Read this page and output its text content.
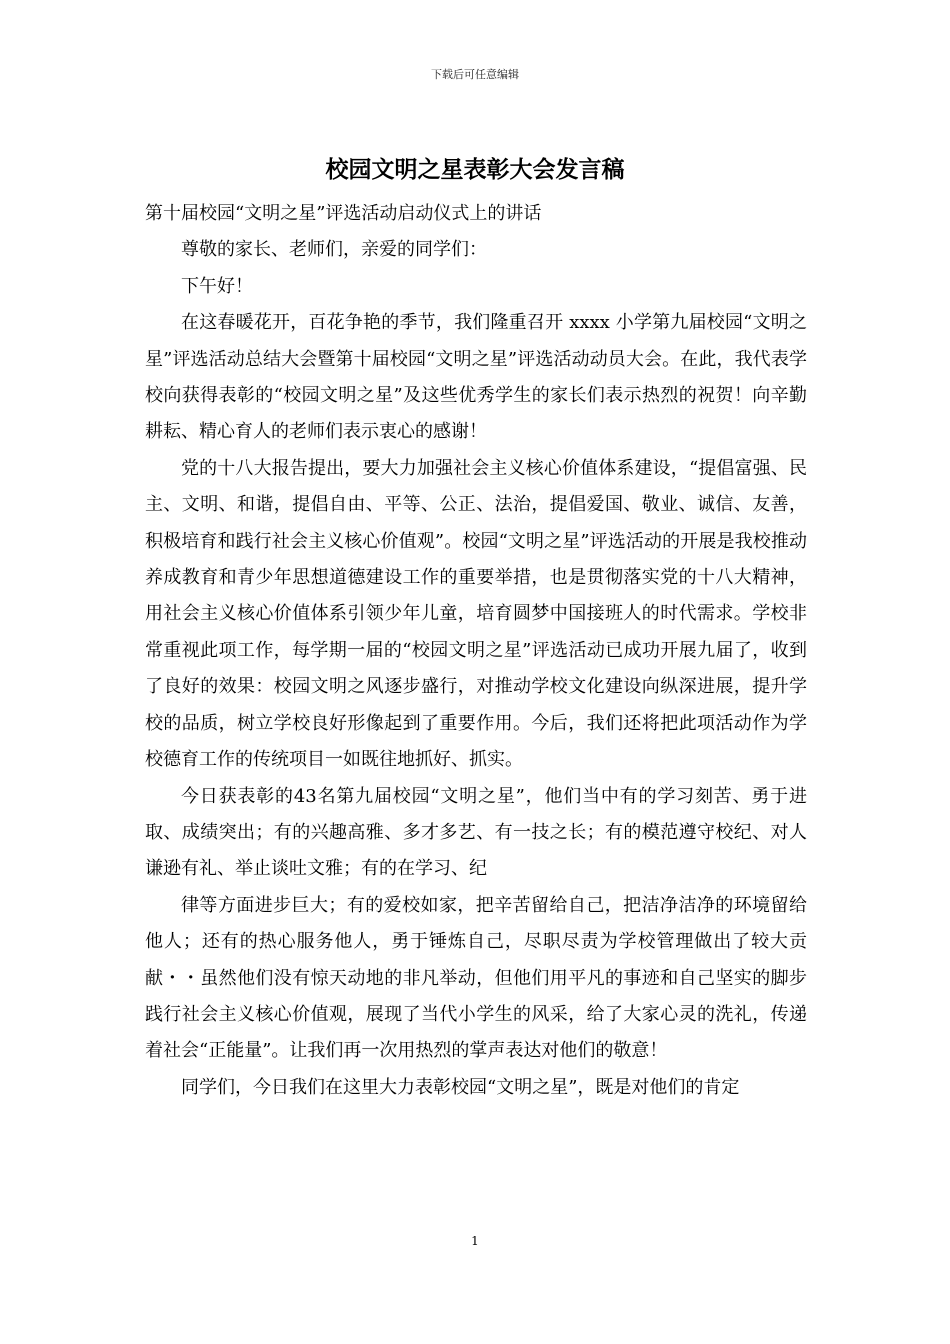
下载后可任意编辑
校园文明之星表彰大会发言稿

第十届校园“文明之星”评选活动启动仪式上的讲话

尊敬的家长、老师们，亲爱的同学们：

下午好！

在这春暖花开，百花争艳的季节，我们隆重召开 xxxx 小学第九届校园“文明之星”评选活动总结大会暨第十届校园“文明之星”评选活动动员大会。在此，我代表学校向获得表彰的“校园文明之星”及这些优秀学生的家长们表示热烈的祝贺！向辛勤耕耘、精心育人的老师们表示衷心的感谢！

党的十八大报告提出，要大力加强社会主义核心价值体系建设，“提倡富强、民主、文明、和谐，提倡自由、平等、公正、法治，提倡爱国、敬业、诚信、友善，积极培育和践行社会主义核心价值观”。校园“文明之星”评选活动的开展是我校推动养成教育和青少年思想道德建设工作的重要举措，也是贯彻落实党的十八大精神，用社会主义核心价值体系引领少年儿童，培育圆梦中国接班人的时代需求。学校非常重视此项工作，每学期一届的“校园文明之星”评选活动已成功开展九届了，收到了良好的效果：校园文明之风逐步盛行，对推动学校文化建设向纵深进展，提升学校的品质，树立学校良好形像起到了重要作用。今后，我们还将把此项活动作为学校德育工作的传统项目一如既往地抓好、抓实。

今日获表彰的43名第九届校园“文明之星”，他们当中有的学习刻苦、勇于进取、成绩突出；有的兴趣高雅、多才多艺、有一技之长；有的模范遵守校纪、对人谦逊有礼、举止谈吐文雅；有的在学习、纪

律等方面进步巨大；有的爱校如家，把辛苦留给自己，把洁净洁净的环境留给他人；还有的热心服务他人，勇于锤炼自己，尽职尽责为学校管理做出了较大贡献・・虽然他们没有惊天动地的非凡举动，但他们用平凡的事迹和自己坚实的脚步践行社会主义核心价值观，展现了当代小学生的风采，给了大家心灵的洗礼，传递着社会“正能量”。让我们再一次用热烈的掌声表达对他们的敬意！

同学们，今日我们在这里大力表彰校园“文明之星”，既是对他们的肯定

1
